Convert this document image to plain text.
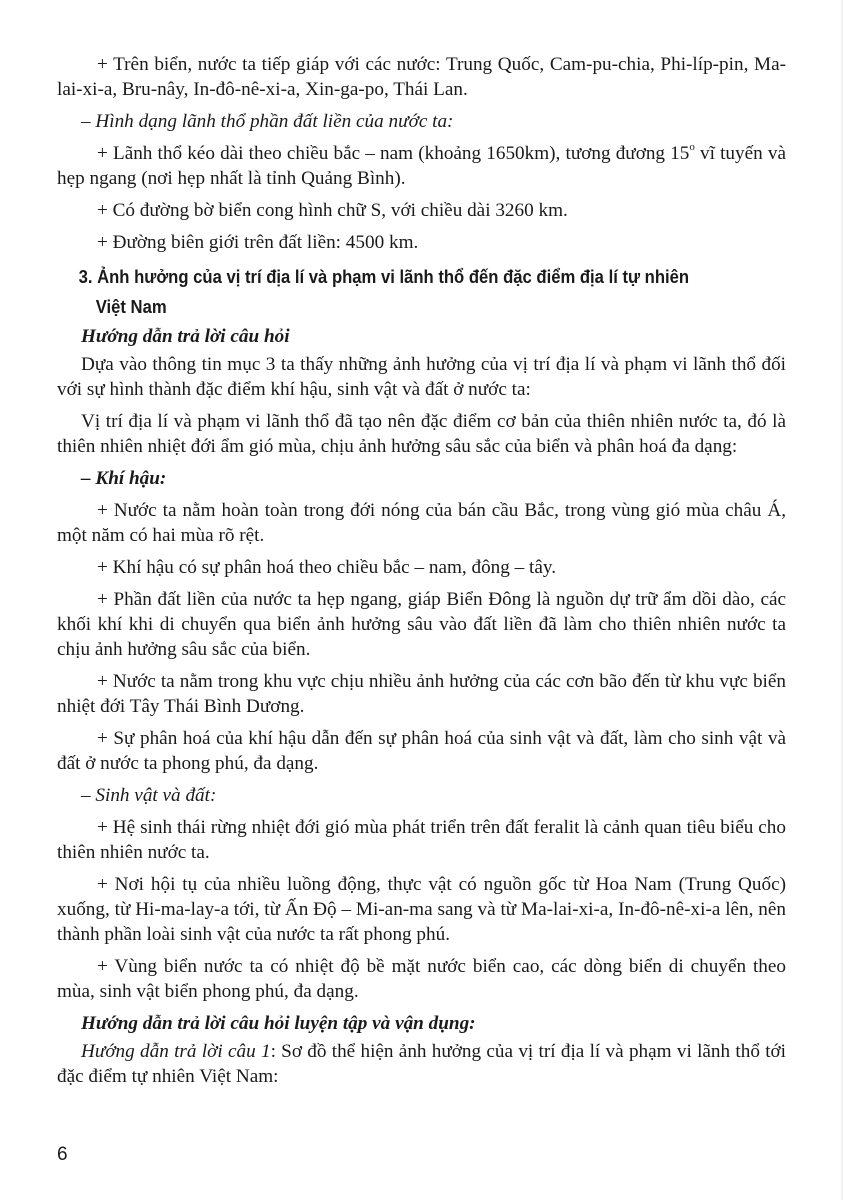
+ Trên biển, nước ta tiếp giáp với các nước: Trung Quốc, Cam-pu-chia, Phi-líp-pin, Ma-lai-xi-a, Bru-nây, In-đô-nê-xi-a, Xin-ga-po, Thái Lan.

– Hình dạng lãnh thổ phần đất liền của nước ta:

+ Lãnh thổ kéo dài theo chiều bắc – nam (khoảng 1650km), tương đương 15$^o$ vĩ tuyến và hẹp ngang (nơi hẹp nhất là tỉnh Quảng Bình).

+ Có đường bờ biển cong hình chữ S, với chiều dài 3260 km.

+ Đường biên giới trên đất liền: 4500 km.

3. Ảnh hưởng của vị trí địa lí và phạm vi lãnh thổ đến đặc điểm địa lí tự nhiên
Việt Nam

Hướng dẫn trả lời câu hỏi

Dựa vào thông tin mục 3 ta thấy những ảnh hưởng của vị trí địa lí và phạm vi lãnh thổ đối với sự hình thành đặc điểm khí hậu, sinh vật và đất ở nước ta:

Vị trí địa lí và phạm vi lãnh thổ đã tạo nên đặc điểm cơ bản của thiên nhiên nước ta, đó là thiên nhiên nhiệt đới ẩm gió mùa, chịu ảnh hưởng sâu sắc của biển và phân hoá đa dạng:

– Khí hậu:

+ Nước ta nằm hoàn toàn trong đới nóng của bán cầu Bắc, trong vùng gió mùa châu Á, một năm có hai mùa rõ rệt.

+ Khí hậu có sự phân hoá theo chiều bắc – nam, đông – tây.

+ Phần đất liền của nước ta hẹp ngang, giáp Biển Đông là nguồn dự trữ ẩm dồi dào, các khối khí khi di chuyển qua biển ảnh hưởng sâu vào đất liền đã làm cho thiên nhiên nước ta chịu ảnh hưởng sâu sắc của biển.

+ Nước ta nằm trong khu vực chịu nhiều ảnh hưởng của các cơn bão đến từ khu vực biển nhiệt đới Tây Thái Bình Dương.

+ Sự phân hoá của khí hậu dẫn đến sự phân hoá của sinh vật và đất, làm cho sinh vật và đất ở nước ta phong phú, đa dạng.

– Sinh vật và đất:

+ Hệ sinh thái rừng nhiệt đới gió mùa phát triển trên đất feralit là cảnh quan tiêu biểu cho thiên nhiên nước ta.

+ Nơi hội tụ của nhiều luồng động, thực vật có nguồn gốc từ Hoa Nam (Trung Quốc) xuống, từ Hi-ma-lay-a tới, từ Ấn Độ – Mi-an-ma sang và từ Ma-lai-xi-a, In-đô-nê-xi-a lên, nên thành phần loài sinh vật của nước ta rất phong phú.

+ Vùng biển nước ta có nhiệt độ bề mặt nước biển cao, các dòng biển di chuyển theo mùa, sinh vật biển phong phú, đa dạng.

Hướng dẫn trả lời câu hỏi luyện tập và vận dụng:

Hướng dẫn trả lời câu 1: Sơ đồ thể hiện ảnh hưởng của vị trí địa lí và phạm vi lãnh thổ tới đặc điểm tự nhiên Việt Nam:

6
